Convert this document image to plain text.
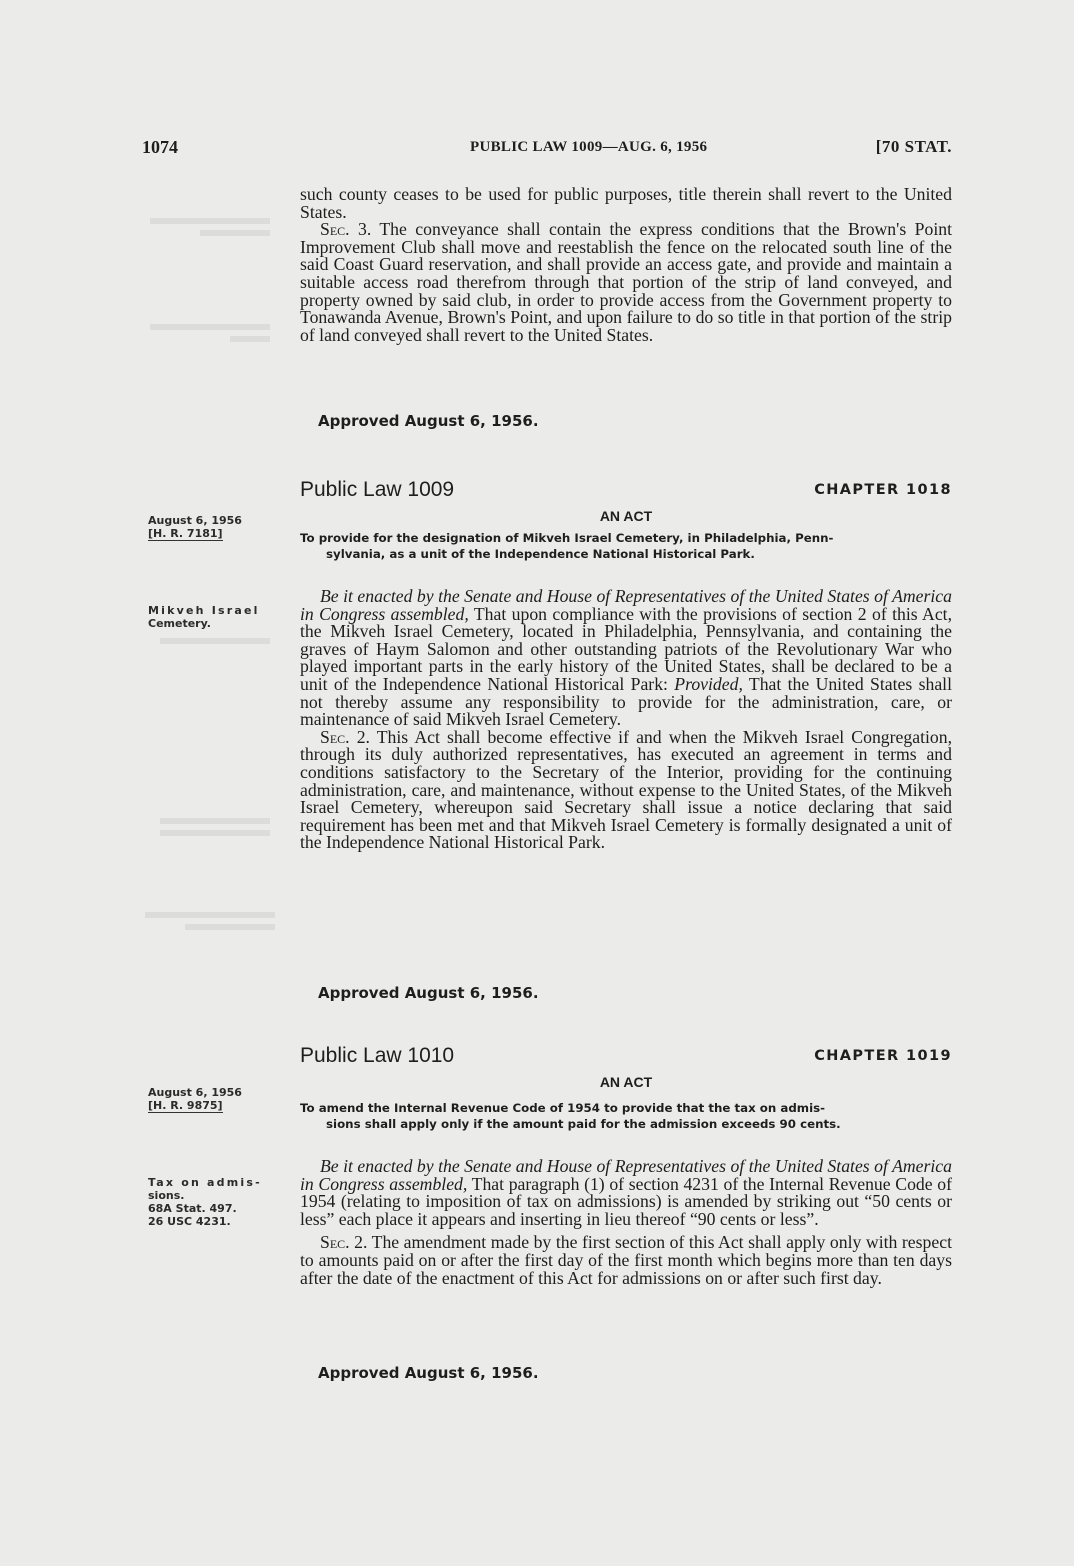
1074	PUBLIC LAW 1009—AUG. 6, 1956	[70 STAT.

such county ceases to be used for public purposes, title therein shall revert to the United States.

Sec. 3. The conveyance shall contain the express conditions that the Brown's Point Improvement Club shall move and reestablish the fence on the relocated south line of the said Coast Guard reservation, and shall provide an access gate, and provide and maintain a suitable access road therefrom through that portion of the strip of land conveyed, and property owned by said club, in order to provide access from the Government property to Tonawanda Avenue, Brown's Point, and upon failure to do so title in that portion of the strip of land conveyed shall revert to the United States.

Approved August 6, 1956.
Public Law 1009	CHAPTER 1018
AN ACT
August 6, 1956
[H. R. 7181]	To provide for the designation of Mikveh Israel Cemetery, in Philadelphia, Penn-
sylvania, as a unit of the Independence National Historical Park.
Mikveh Israel
Cemetery.

Be it enacted by the Senate and House of Representatives of the United States of America in Congress assembled, That upon compliance with the provisions of section 2 of this Act, the Mikveh Israel Cemetery, located in Philadelphia, Pennsylvania, and containing the graves of Haym Salomon and other outstanding patriots of the Revolutionary War who played important parts in the early history of the United States, shall be declared to be a unit of the Independence National Historical Park: Provided, That the United States shall not thereby assume any responsibility to provide for the administration, care, or maintenance of said Mikveh Israel Cemetery.

Sec. 2. This Act shall become effective if and when the Mikveh Israel Congregation, through its duly authorized representatives, has executed an agreement in terms and conditions satisfactory to the Secretary of the Interior, providing for the continuing administration, care, and maintenance, without expense to the United States, of the Mikveh Israel Cemetery, whereupon said Secretary shall issue a notice declaring that said requirement has been met and that Mikveh Israel Cemetery is formally designated a unit of the Independence National Historical Park.

Approved August 6, 1956.
Public Law 1010	CHAPTER 1019
AN ACT
August 6, 1956
[H. R. 9875]	To amend the Internal Revenue Code of 1954 to provide that the tax on admis-
sions shall apply only if the amount paid for the admission exceeds 90 cents.
Tax on admis-
sions.
68A Stat. 497.
26 USC 4231.

Be it enacted by the Senate and House of Representatives of the United States of America in Congress assembled, That paragraph (1) of section 4231 of the Internal Revenue Code of 1954 (relating to imposition of tax on admissions) is amended by striking out “50 cents or less” each place it appears and inserting in lieu thereof “90 cents or less”.

Sec. 2. The amendment made by the first section of this Act shall apply only with respect to amounts paid on or after the first day of the first month which begins more than ten days after the date of the enactment of this Act for admissions on or after such first day.

Approved August 6, 1956.
